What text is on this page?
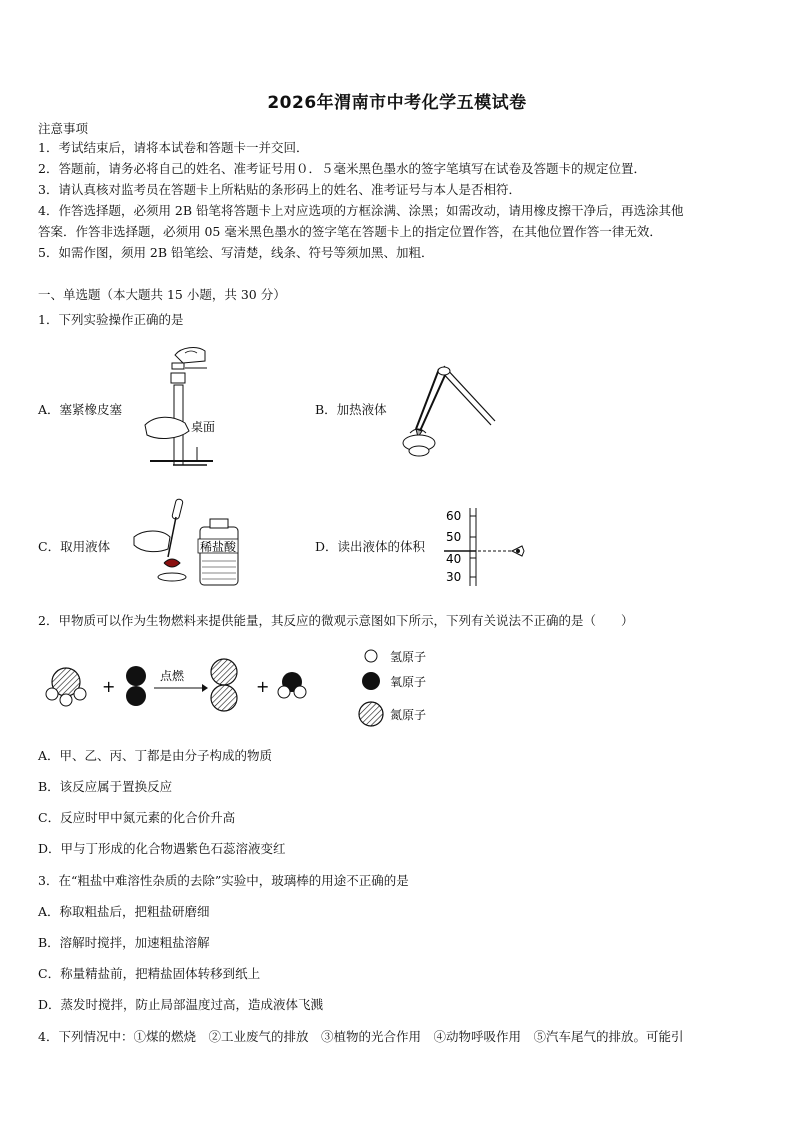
2026年渭南市中考化学五模试卷
注意事项
1．考试结束后，请将本试卷和答题卡一并交回．
2．答题前，请务必将自己的姓名、准考证号用０．５毫米黑色墨水的签字笔填写在试卷及答题卡的规定位置．
3．请认真核对监考员在答题卡上所粘贴的条形码上的姓名、准考证号与本人是否相符．
4．作答选择题，必须用 2B 铅笔将答题卡上对应选项的方框涂满、涂黑；如需改动，请用橡皮擦干净后，再选涂其他
答案．作答非选择题，必须用 05 毫米黑色墨水的签字笔在答题卡上的指定位置作答，在其他位置作答一律无效．
5．如需作图，须用 2B 铅笔绘、写清楚，线条、符号等须加黑、加粗．
一、单选题（本大题共 15 小题，共 30 分）
1．下列实验操作正确的是
A．塞紧橡皮塞
桌面
B．加热液体
C．取用液体	稀盐酸	D．读出液体的体积
60
50
40
30
2．甲物质可以作为生物燃料来提供能量，其反应的微观示意图如下所示，下列有关说法不正确的是（　　）
+
点燃
+
氢原子
氧原子
氮原子
A．甲、乙、丙、丁都是由分子构成的物质
B．该反应属于置换反应
C．反应时甲中氮元素的化合价升高
D．甲与丁形成的化合物遇紫色石蕊溶液变红
3．在“粗盐中难溶性杂质的去除”实验中，玻璃棒的用途不正确的是
A．称取粗盐后，把粗盐研磨细
B．溶解时搅拌，加速粗盐溶解
C．称量精盐前，把精盐固体转移到纸上
D．蒸发时搅拌，防止局部温度过高，造成液体飞溅
4．下列情况中：①煤的燃烧　②工业废气的排放　③植物的光合作用　④动物呼吸作用　⑤汽车尾气的排放。可能引
